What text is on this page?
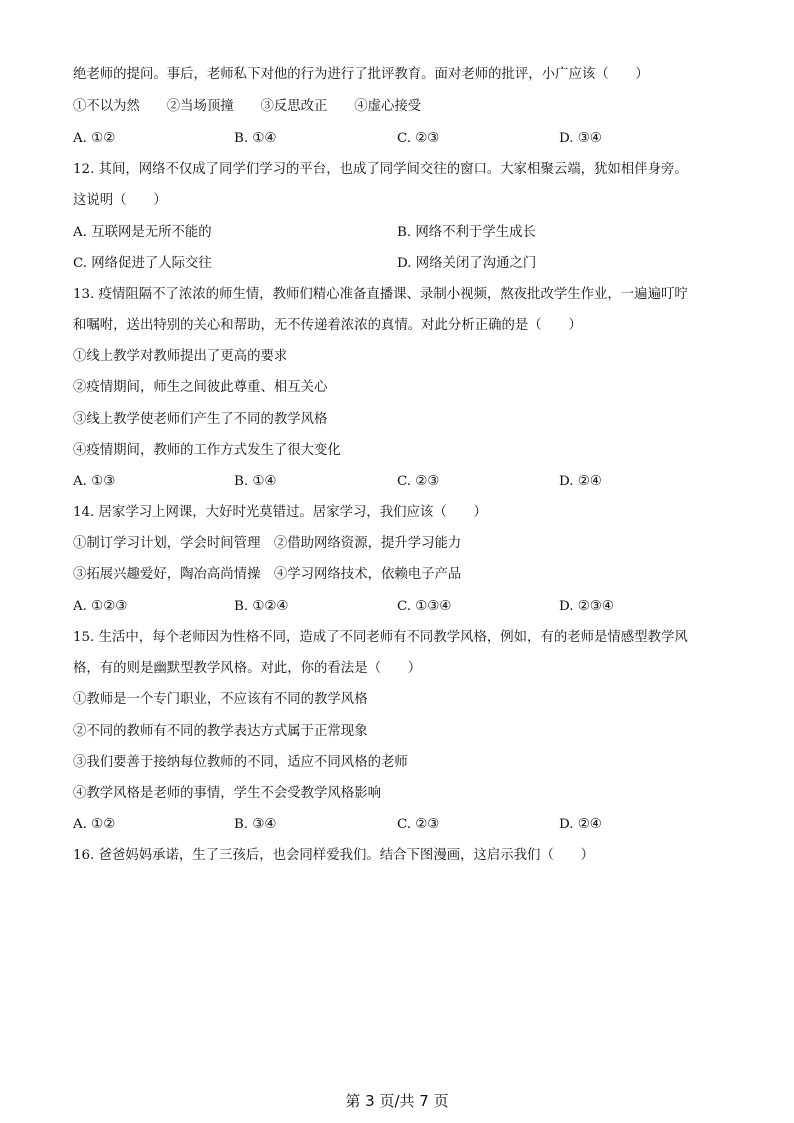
绝老师的提问。事后，老师私下对他的行为进行了批评教育。面对老师的批评，小广应该（　　）
①不以为然　　②当场顶撞　　③反思改正　　④虚心接受
A. ①②	B. ①④	C. ②③	D. ③④
12. 其间，网络不仅成了同学们学习的平台，也成了同学间交往的窗口。大家相聚云端，犹如相伴身旁。
这说明（　　）
A. 互联网是无所不能的	B. 网络不利于学生成长
C. 网络促进了人际交往	D. 网络关闭了沟通之门
13. 疫情阻隔不了浓浓的师生情，教师们精心准备直播课、录制小视频，熬夜批改学生作业，一遍遍叮咛
和嘱咐，送出特别的关心和帮助，无不传递着浓浓的真情。对此分析正确的是（　　）
①线上教学对教师提出了更高的要求
②疫情期间，师生之间彼此尊重、相互关心
③线上教学使老师们产生了不同的教学风格
④疫情期间，教师的工作方式发生了很大变化
A. ①③	B. ①④	C. ②③	D. ②④
14. 居家学习上网课，大好时光莫错过。居家学习，我们应该（　　）
①制订学习计划，学会时间管理　②借助网络资源，提升学习能力
③拓展兴趣爱好，陶冶高尚情操　④学习网络技术，依赖电子产品
A. ①②③	B. ①②④	C. ①③④	D. ②③④
15. 生活中，每个老师因为性格不同，造成了不同老师有不同教学风格，例如，有的老师是情感型教学风
格，有的则是幽默型教学风格。对此，你的看法是（　　）
①教师是一个专门职业，不应该有不同的教学风格
②不同的教师有不同的教学表达方式属于正常现象
③我们要善于接纳每位教师的不同，适应不同风格的老师
④教学风格是老师的事情，学生不会受教学风格影响
A. ①②	B. ③④	C. ②③	D. ②④
16. 爸爸妈妈承诺，生了三孩后，也会同样爱我们。结合下图漫画，这启示我们（　　）
第 3 页/共 7 页
